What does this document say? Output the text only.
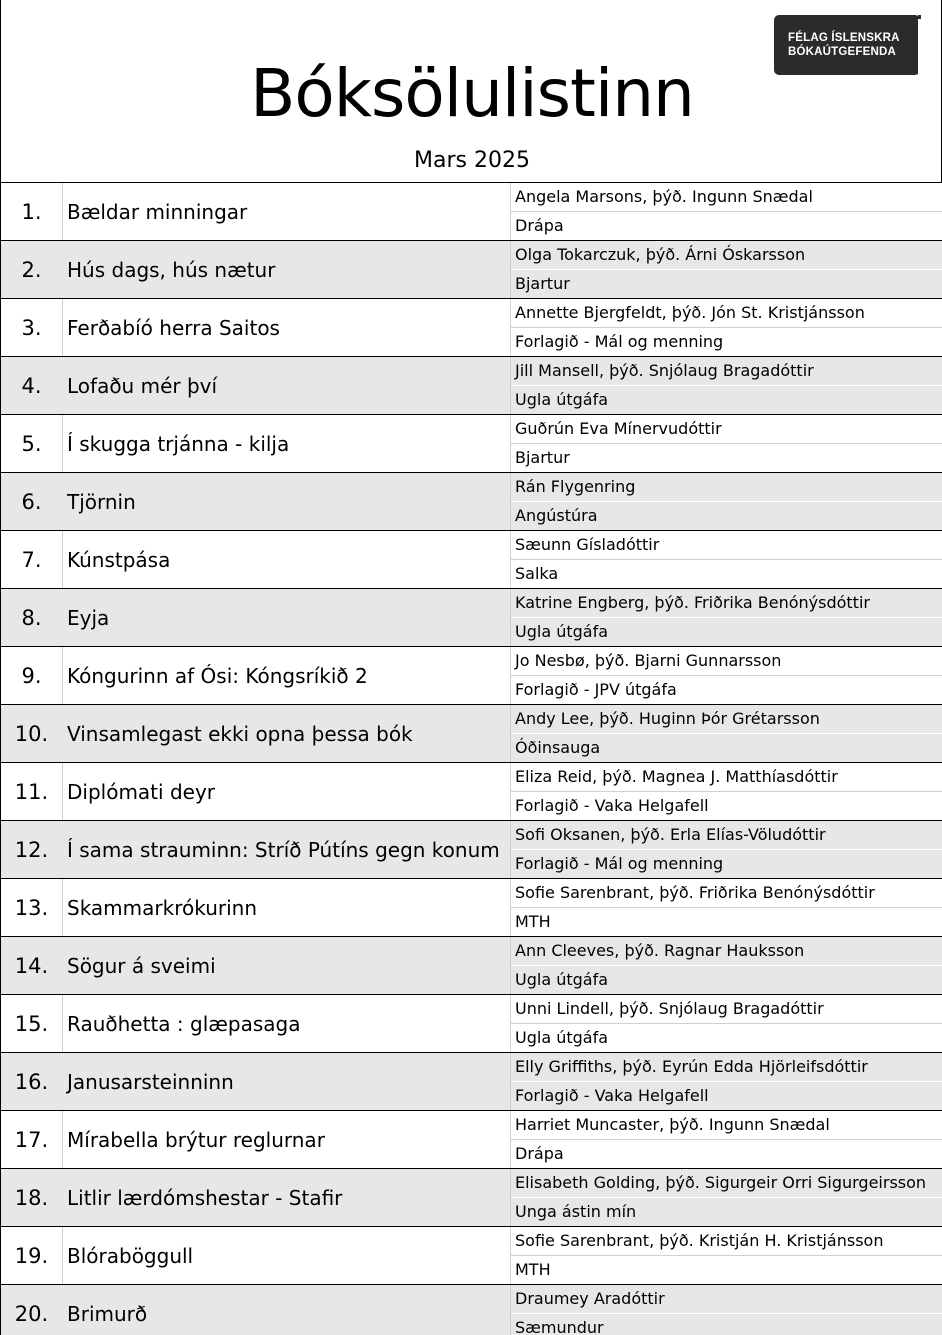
FÉLAG ÍSLENSKRA
BÓKAÚTGEFENDA
Bóksölulistinn
Mars 2025
1.	Bældar minningar
Angela Marsons, þýð. Ingunn Snædal
Drápa
2.	Hús dags, hús nætur
Olga Tokarczuk, þýð. Árni Óskarsson
Bjartur
3.	Ferðabíó herra Saitos
Annette Bjergfeldt, þýð. Jón St. Kristjánsson
Forlagið - Mál og menning
4.	Lofaðu mér því
Jill Mansell, þýð. Snjólaug Bragadóttir
Ugla útgáfa
5.	Í skugga trjánna - kilja
Guðrún Eva Mínervudóttir
Bjartur
6.	Tjörnin
Rán Flygenring
Angústúra
7.	Kúnstpása
Sæunn Gísladóttir
Salka
8.	Eyja
Katrine Engberg, þýð. Friðrika Benónýsdóttir
Ugla útgáfa
9.	Kóngurinn af Ósi: Kóngsríkið 2
Jo Nesbø, þýð. Bjarni Gunnarsson
Forlagið - JPV útgáfa
10. Vinsamlegast ekki opna þessa bók
Andy Lee, þýð. Huginn Þór Grétarsson
Óðinsauga
11. Diplómati deyr
Eliza Reid, þýð. Magnea J. Matthíasdóttir
Forlagið - Vaka Helgafell
12. Í sama strauminn: Stríð Pútíns gegn konum
Sofi Oksanen, þýð. Erla Elías-Völudóttir
Forlagið - Mál og menning
13. Skammarkrókurinn
Sofie Sarenbrant, þýð. Friðrika Benónýsdóttir
MTH
14. Sögur á sveimi
Ann Cleeves, þýð. Ragnar Hauksson
Ugla útgáfa
15. Rauðhetta : glæpasaga
Unni Lindell, þýð. Snjólaug Bragadóttir
Ugla útgáfa
16. Janusarsteinninn
Elly Griffiths, þýð. Eyrún Edda Hjörleifsdóttir
Forlagið - Vaka Helgafell
17. Mírabella brýtur reglurnar
Harriet Muncaster, þýð. Ingunn Snædal
Drápa
18. Litlir lærdómshestar - Stafir
Elisabeth Golding, þýð. Sigurgeir Orri Sigurgeirsson
Unga ástin mín
19. Blóraböggull
Sofie Sarenbrant, þýð. Kristján H. Kristjánsson
MTH
20. Brimurð
Draumey Aradóttir
Sæmundur
